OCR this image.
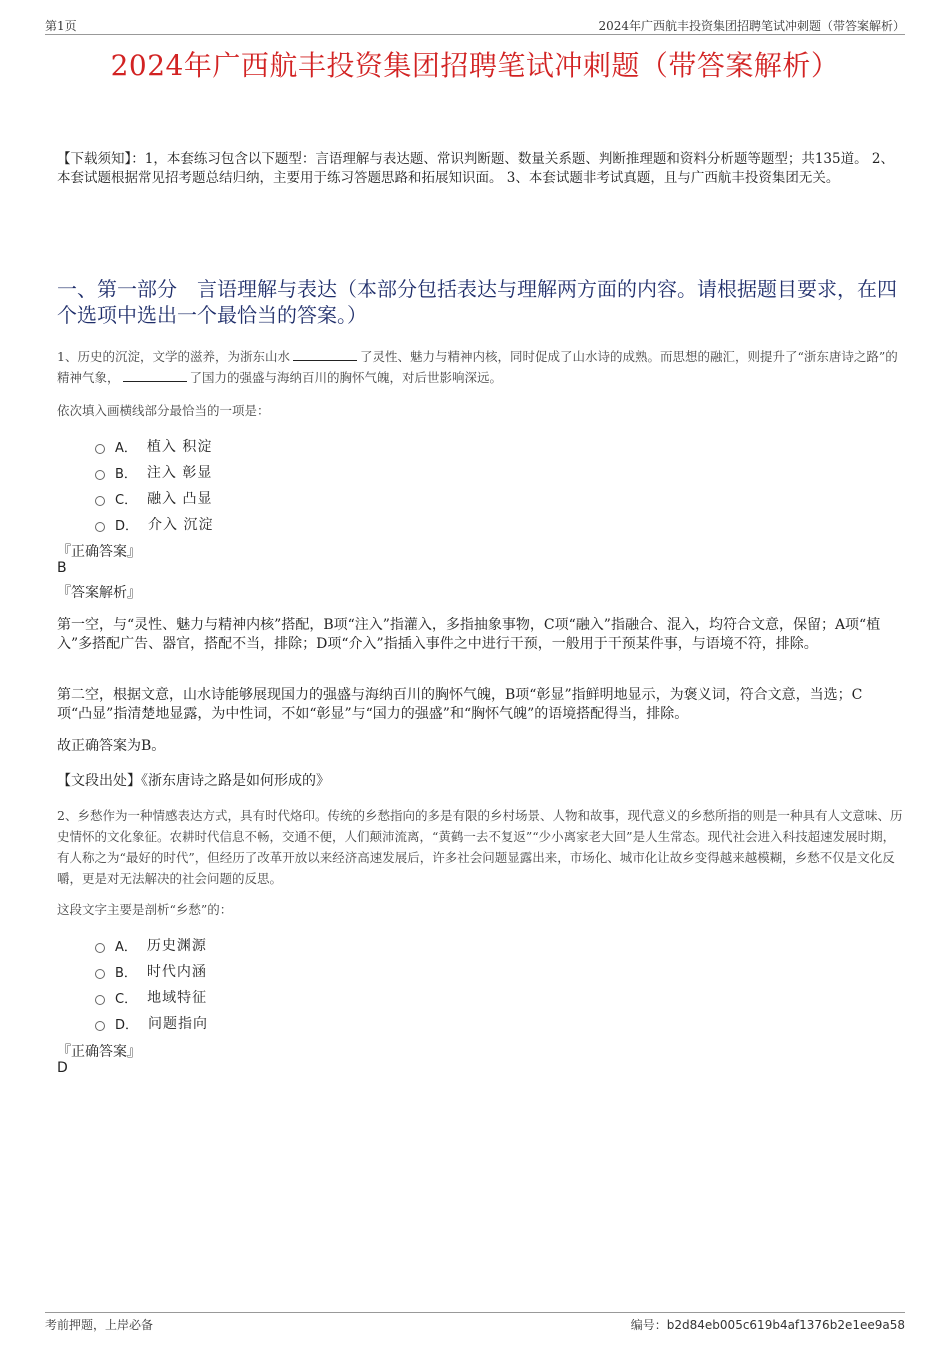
第1页	2024年广西航丰投资集团招聘笔试冲刺题（带答案解析）
2024年广西航丰投资集团招聘笔试冲刺题（带答案解析）
【下载须知】：1，本套练习包含以下题型：言语理解与表达题、常识判断题、数量关系题、判断推理题和资料分析题等题型；共135道。 2、本套试题根据常见招考题总结归纳，主要用于练习答题思路和拓展知识面。 3、本套试题非考试真题，且与广西航丰投资集团无关。
一、第一部分　言语理解与表达（本部分包括表达与理解两方面的内容。请根据题目要求，在四个选项中选出一个最恰当的答案。）
1、历史的沉淀，文学的滋养，为浙东山水	了灵性、魅力与精神内核，同时促成了山水诗的成熟。而思想的融汇，则提升了“浙东唐诗之路”的精神气象，	了国力的强盛与海纳百川的胸怀气魄，对后世影响深远。
依次填入画横线部分最恰当的一项是：
A． 植入 积淀
B． 注入 彰显
C． 融入 凸显
D． 介入 沉淀
『正确答案』
B
『答案解析』
第一空，与“灵性、魅力与精神内核”搭配，B项“注入”指灌入，多指抽象事物，C项“融入”指融合、混入，均符合文意，保留；A项“植入”多搭配广告、器官，搭配不当，排除；D项“介入”指插入事件之中进行干预，一般用于干预某件事，与语境不符，排除。
第二空，根据文意，山水诗能够展现国力的强盛与海纳百川的胸怀气魄，B项“彰显”指鲜明地显示，为褒义词，符合文意，当选；C项“凸显”指清楚地显露，为中性词，不如“彰显”与“国力的强盛”和“胸怀气魄”的语境搭配得当，排除。
故正确答案为B。
【文段出处】《浙东唐诗之路是如何形成的》
2、乡愁作为一种情感表达方式，具有时代烙印。传统的乡愁指向的多是有限的乡村场景、人物和故事，现代意义的乡愁所指的则是一种具有人文意味、历史情怀的文化象征。农耕时代信息不畅，交通不便，人们颠沛流离，“黄鹤一去不复返”“少小离家老大回”是人生常态。现代社会进入科技超速发展时期，有人称之为“最好的时代”，但经历了改革开放以来经济高速发展后，许多社会问题显露出来，市场化、城市化让故乡变得越来越模糊，乡愁不仅是文化反嚼，更是对无法解决的社会问题的反思。
这段文字主要是剖析“乡愁”的：
A． 历史渊源
B． 时代内涵
C． 地域特征
D． 问题指向
『正确答案』
D
考前押题，上岸必备	编号：b2d84eb005c619b4af1376b2e1ee9a58
